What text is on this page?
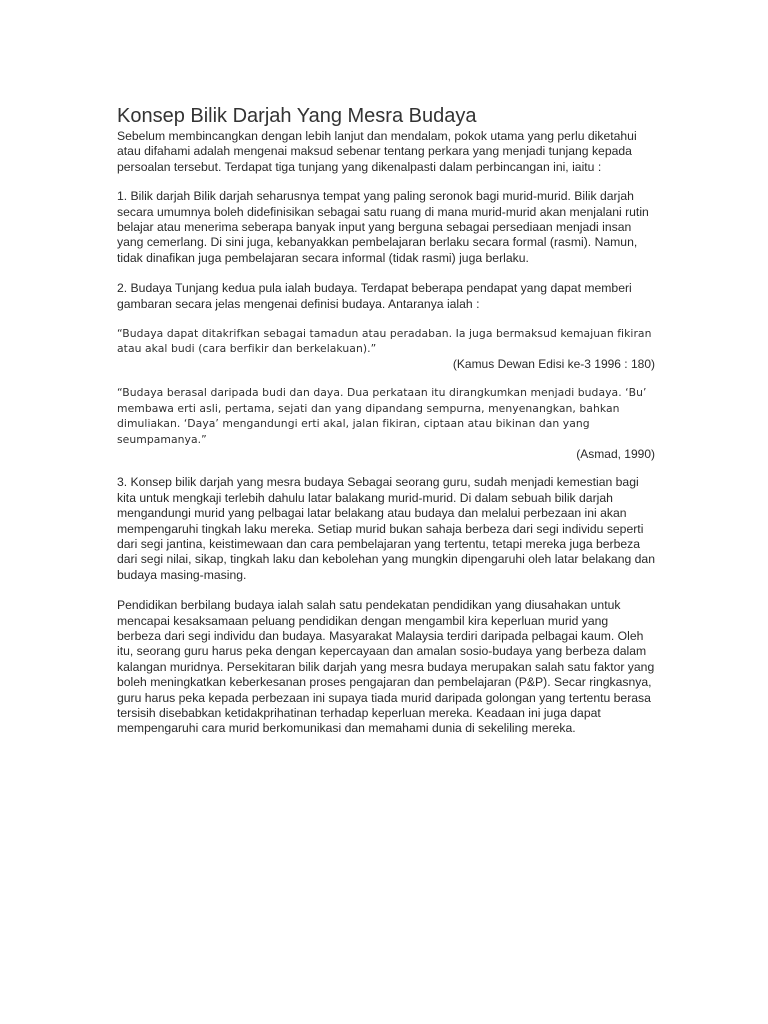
Konsep Bilik Darjah Yang Mesra Budaya

Sebelum membincangkan dengan lebih lanjut dan mendalam, pokok utama yang perlu diketahui atau difahami adalah mengenai maksud sebenar tentang perkara yang menjadi tunjang kepada persoalan tersebut. Terdapat tiga tunjang yang dikenalpasti dalam perbincangan ini, iaitu :

1. Bilik darjah Bilik darjah seharusnya tempat yang paling seronok bagi murid-murid. Bilik darjah secara umumnya boleh didefinisikan sebagai satu ruang di mana murid-murid akan menjalani rutin belajar atau menerima seberapa banyak input yang berguna sebagai persediaan menjadi insan yang cemerlang. Di sini juga, kebanyakkan pembelajaran berlaku secara formal (rasmi). Namun, tidak dinafikan juga pembelajaran secara informal (tidak rasmi) juga berlaku.

2. Budaya Tunjang kedua pula ialah budaya. Terdapat beberapa pendapat yang dapat memberi gambaran secara jelas mengenai definisi budaya. Antaranya ialah :

“Budaya dapat ditakrifkan sebagai tamadun atau peradaban. Ia juga bermaksud kemajuan fikiran atau akal budi (cara berfikir dan berkelakuan).”

(Kamus Dewan Edisi ke-3 1996 : 180)

“Budaya berasal daripada budi dan daya. Dua perkataan itu dirangkumkan menjadi budaya. ‘Bu’ membawa erti asli, pertama, sejati dan yang dipandang sempurna, menyenangkan, bahkan dimuliakan. ‘Daya’ mengandungi erti akal, jalan fikiran, ciptaan atau bikinan dan yang seumpamanya.”

(Asmad, 1990)

3. Konsep bilik darjah yang mesra budaya Sebagai seorang guru, sudah menjadi kemestian bagi kita untuk mengkaji terlebih dahulu latar balakang murid-murid. Di dalam sebuah bilik darjah mengandungi murid yang pelbagai latar belakang atau budaya dan melalui perbezaan ini akan mempengaruhi tingkah laku mereka. Setiap murid bukan sahaja berbeza dari segi individu seperti dari segi jantina, keistimewaan dan cara pembelajaran yang tertentu, tetapi mereka juga berbeza dari segi nilai, sikap, tingkah laku dan kebolehan yang mungkin dipengaruhi oleh latar belakang dan budaya masing-masing.

Pendidikan berbilang budaya ialah salah satu pendekatan pendidikan yang diusahakan untuk mencapai kesaksamaan peluang pendidikan dengan mengambil kira keperluan murid yang berbeza dari segi individu dan budaya. Masyarakat Malaysia terdiri daripada pelbagai kaum. Oleh itu, seorang guru harus peka dengan kepercayaan dan amalan sosio-budaya yang berbeza dalam kalangan muridnya. Persekitaran bilik darjah yang mesra budaya merupakan salah satu faktor yang boleh meningkatkan keberkesanan proses pengajaran dan pembelajaran (P&P). Secar ringkasnya, guru harus peka kepada perbezaan ini supaya tiada murid daripada golongan yang tertentu berasa tersisih disebabkan ketidakprihatinan terhadap keperluan mereka. Keadaan ini juga dapat mempengaruhi cara murid berkomunikasi dan memahami dunia di sekeliling mereka.
